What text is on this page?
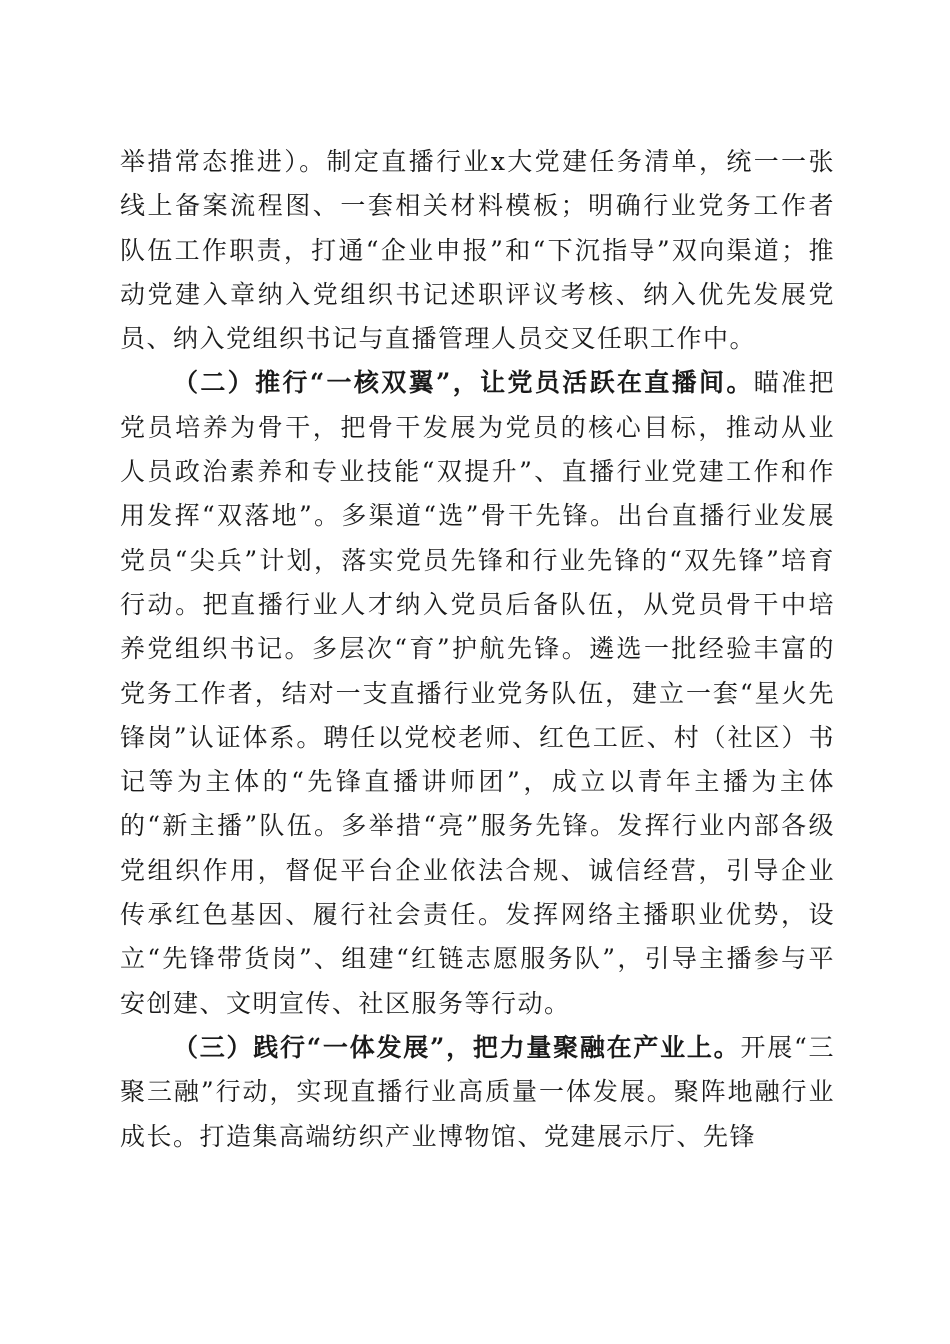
举措常态推进）。制定直播行业x大党建任务清单，统一一张线上备案流程图、一套相关材料模板；明确行业党务工作者队伍工作职责，打通“企业申报”和“下沉指导”双向渠道；推动党建入章纳入党组织书记述职评议考核、纳入优先发展党员、纳入党组织书记与直播管理人员交叉任职工作中。

（二）推行“一核双翼”，让党员活跃在直播间。瞄准把党员培养为骨干，把骨干发展为党员的核心目标，推动从业人员政治素养和专业技能“双提升”、直播行业党建工作和作用发挥“双落地”。多渠道“选”骨干先锋。出台直播行业发展党员“尖兵”计划，落实党员先锋和行业先锋的“双先锋”培育行动。把直播行业人才纳入党员后备队伍，从党员骨干中培养党组织书记。多层次“育”护航先锋。遴选一批经验丰富的党务工作者，结对一支直播行业党务队伍，建立一套“星火先锋岗”认证体系。聘任以党校老师、红色工匠、村（社区）书记等为主体的“先锋直播讲师团”，成立以青年主播为主体的“新主播”队伍。多举措“亮”服务先锋。发挥行业内部各级党组织作用，督促平台企业依法合规、诚信经营，引导企业传承红色基因、履行社会责任。发挥网络主播职业优势，设立“先锋带货岗”、组建“红链志愿服务队”，引导主播参与平安创建、文明宣传、社区服务等行动。

（三）践行“一体发展”，把力量聚融在产业上。开展“三聚三融”行动，实现直播行业高质量一体发展。聚阵地融行业成长。打造集高端纺织产业博物馆、党建展示厅、先锋
